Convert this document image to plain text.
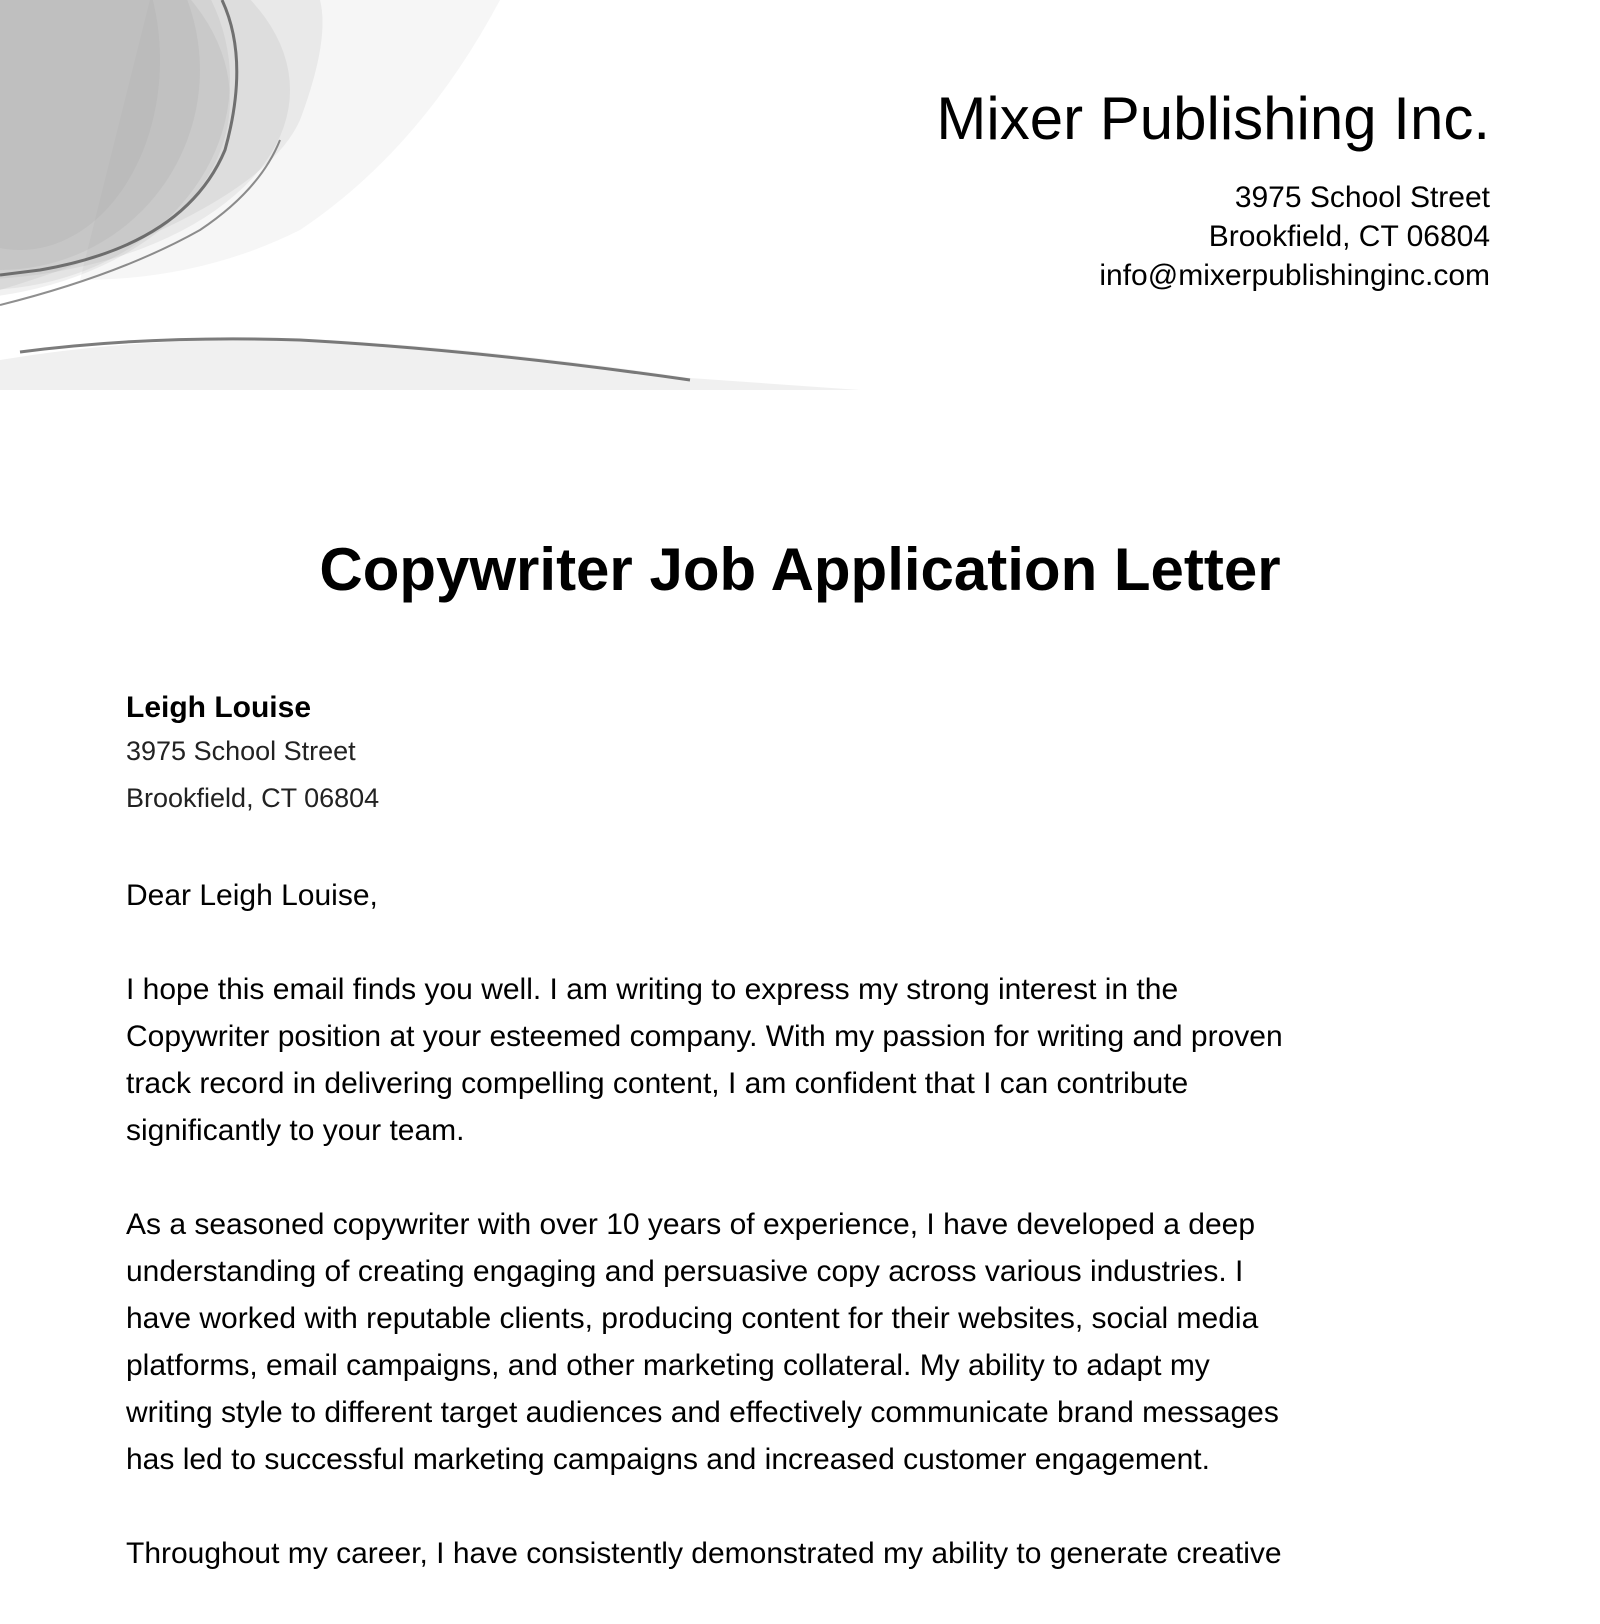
Mixer Publishing Inc.
3975 School Street
Brookfield, CT 06804
info@mixerpublishinginc.com
Copywriter Job Application Letter
Leigh Louise
3975 School Street
Brookfield, CT 06804
Dear Leigh Louise,
I hope this email finds you well. I am writing to express my strong interest in the
Copywriter position at your esteemed company. With my passion for writing and proven
track record in delivering compelling content, I am confident that I can contribute
significantly to your team.
As a seasoned copywriter with over 10 years of experience, I have developed a deep
understanding of creating engaging and persuasive copy across various industries. I
have worked with reputable clients, producing content for their websites, social media
platforms, email campaigns, and other marketing collateral. My ability to adapt my
writing style to different target audiences and effectively communicate brand messages
has led to successful marketing campaigns and increased customer engagement.
Throughout my career, I have consistently demonstrated my ability to generate creative
